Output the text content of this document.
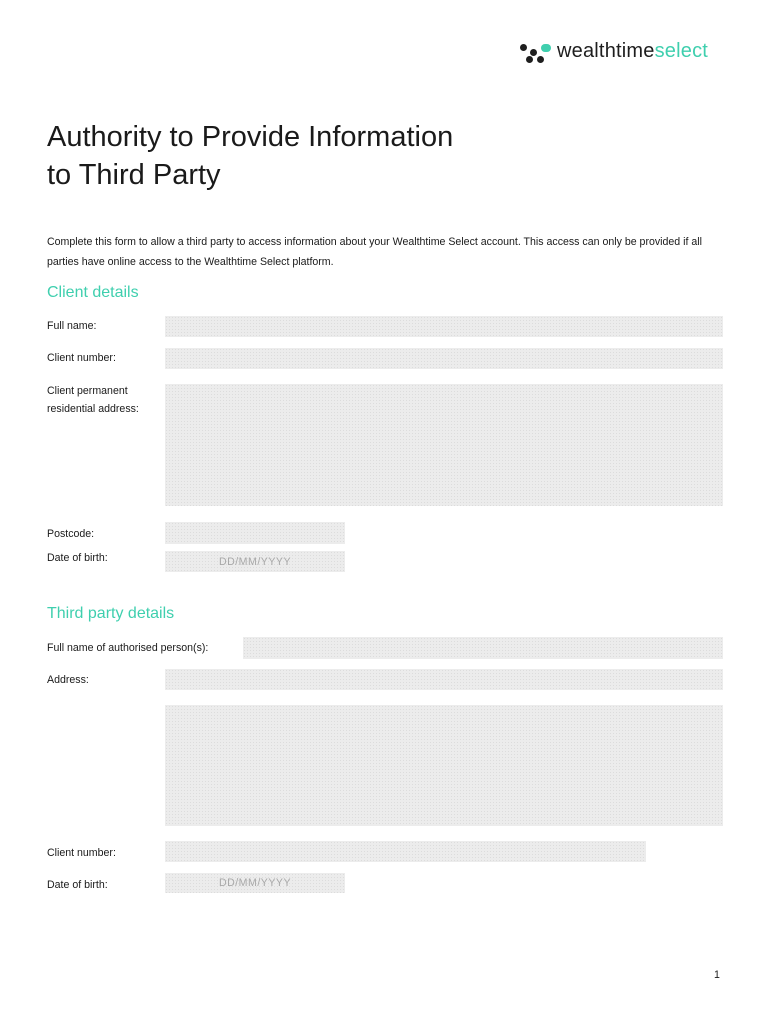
wealthtimeselect
Authority to Provide Information
to Third Party

Complete this form to allow a third party to access information about your Wealthtime Select account. This access can only be provided if all parties have online access to the Wealthtime Select platform.

Client details
Full name:
Client number:
Client permanent
residential address:
Postcode:
Date of birth:	DD/MM/YYYY
Third party details
Full name of authorised person(s):
Address:
Client number:
Date of birth:	DD/MM/YYYY
1
